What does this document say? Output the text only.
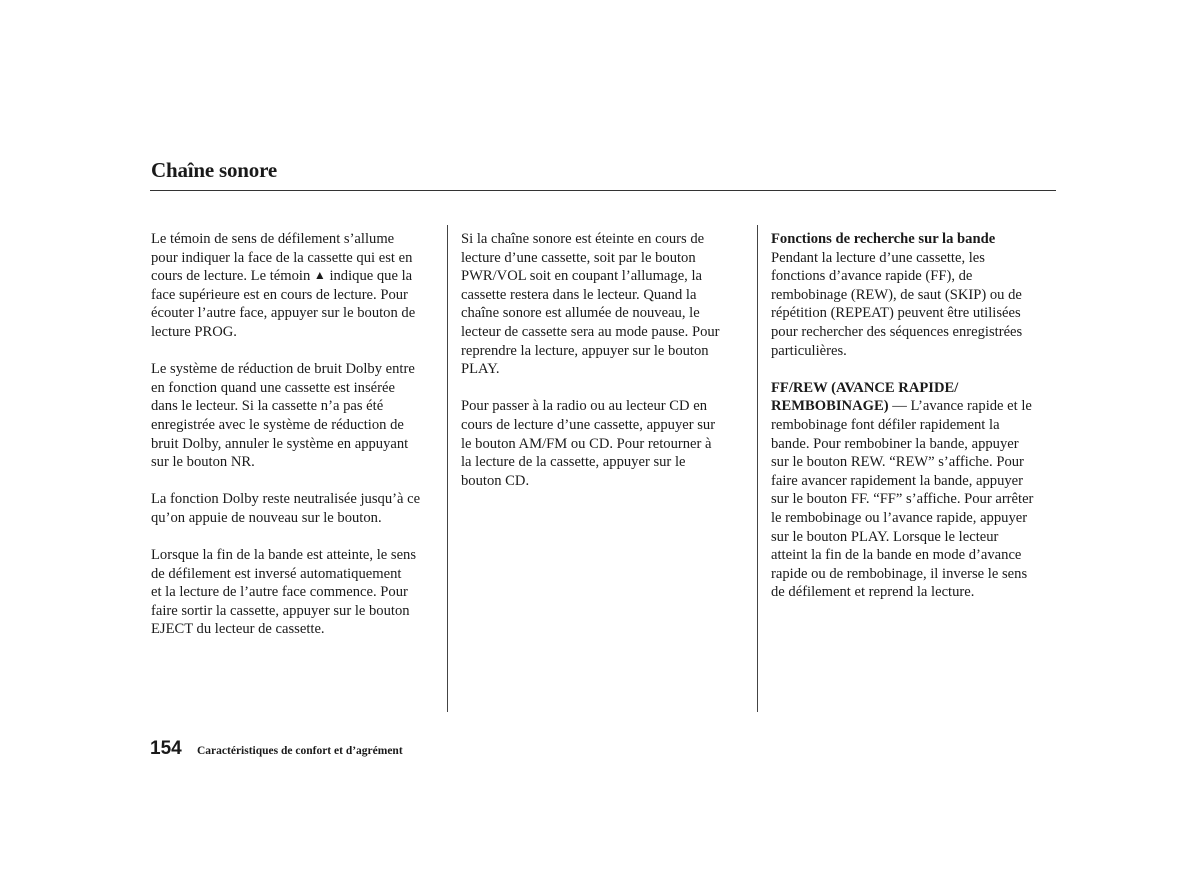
Chaîne sonore

Le témoin de sens de défilement s’allume
pour indiquer la face de la cassette qui est en
cours de lecture. Le témoin ▲ indique que la
face supérieure est en cours de lecture. Pour
écouter l’autre face, appuyer sur le bouton de
lecture PROG.

Le système de réduction de bruit Dolby entre
en fonction quand une cassette est insérée
dans le lecteur. Si la cassette n’a pas été
enregistrée avec le système de réduction de
bruit Dolby, annuler le système en appuyant
sur le bouton NR.

La fonction Dolby reste neutralisée jusqu’à ce
qu’on appuie de nouveau sur le bouton.

Lorsque la fin de la bande est atteinte, le sens
de défilement est inversé automatiquement
et la lecture de l’autre face commence. Pour
faire sortir la cassette, appuyer sur le bouton
EJECT du lecteur de cassette.

Si la chaîne sonore est éteinte en cours de
lecture d’une cassette, soit par le bouton
PWR/VOL soit en coupant l’allumage, la
cassette restera dans le lecteur. Quand la
chaîne sonore est allumée de nouveau, le
lecteur de cassette sera au mode pause. Pour
reprendre la lecture, appuyer sur le bouton
PLAY.

Pour passer à la radio ou au lecteur CD en
cours de lecture d’une cassette, appuyer sur
le bouton AM/FM ou CD. Pour retourner à
la lecture de la cassette, appuyer sur le
bouton CD.

Fonctions de recherche sur la bande
Pendant la lecture d’une cassette, les
fonctions d’avance rapide (FF), de
rembobinage (REW), de saut (SKIP) ou de
répétition (REPEAT) peuvent être utilisées
pour rechercher des séquences enregistrées
particulières.

FF/REW (AVANCE RAPIDE/
REMBOBINAGE) — L’avance rapide et le
rembobinage font défiler rapidement la
bande. Pour rembobiner la bande, appuyer
sur le bouton REW. “REW” s’affiche. Pour
faire avancer rapidement la bande, appuyer
sur le bouton FF. “FF” s’affiche. Pour arrêter
le rembobinage ou l’avance rapide, appuyer
sur le bouton PLAY. Lorsque le lecteur
atteint la fin de la bande en mode d’avance
rapide ou de rembobinage, il inverse le sens
de défilement et reprend la lecture.

154 Caractéristiques de confort et d’agrément
